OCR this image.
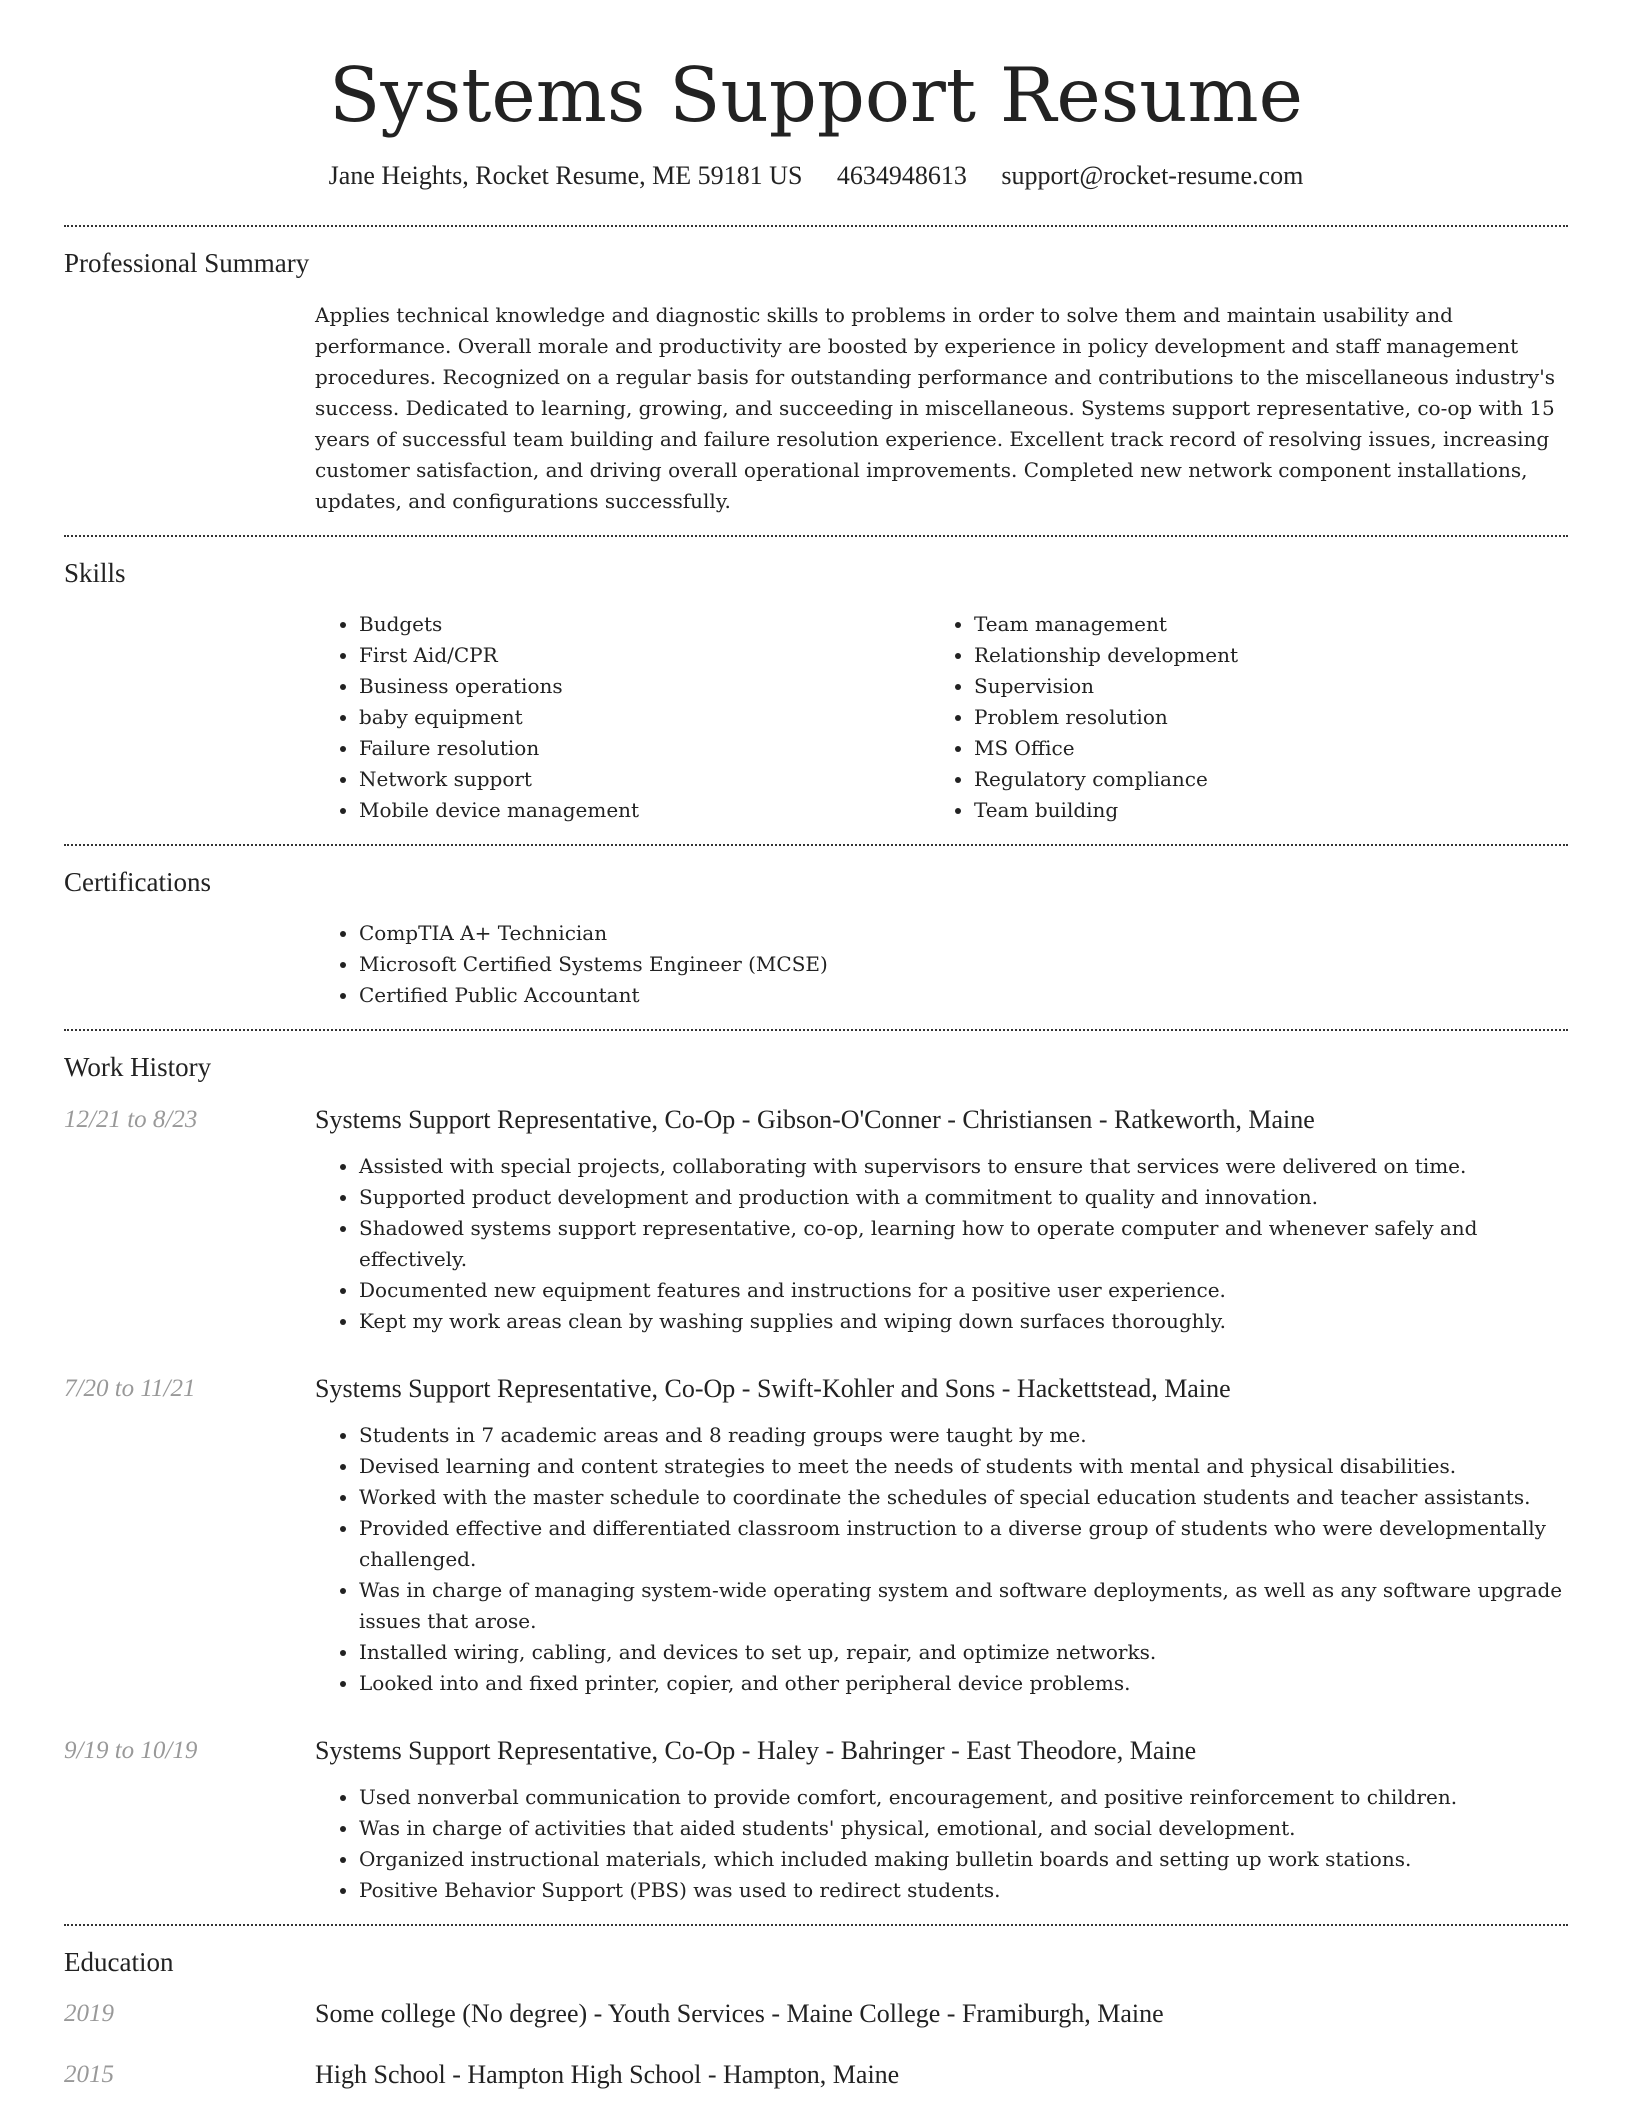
Systems Support Resume
Jane Heights, Rocket Resume, ME 59181 US 4634948613 support@rocket-resume.com
Professional Summary

Applies technical knowledge and diagnostic skills to problems in order to solve them and maintain usability and performance. Overall morale and productivity are boosted by experience in policy development and staff management procedures. Recognized on a regular basis for outstanding performance and contributions to the miscellaneous industry's success. Dedicated to learning, growing, and succeeding in miscellaneous. Systems support representative, co-op with 15 years of successful team building and failure resolution experience. Excellent track record of resolving issues, increasing customer satisfaction, and driving overall operational improvements. Completed new network component installations, updates, and configurations successfully.

Skills
• Budgets
• First Aid/CPR
• Business operations
• baby equipment
• Failure resolution
• Network support
• Mobile device management
• Team management
• Relationship development
• Supervision
• Problem resolution
• MS Office
• Regulatory compliance
• Team building
Certifications
• CompTIA A+ Technician
• Microsoft Certified Systems Engineer (MCSE)
• Certified Public Accountant
Work History
12/21 to 8/23	Systems Support Representative, Co-Op - Gibson-O'Conner - Christiansen - Ratkeworth, Maine
• Assisted with special projects, collaborating with supervisors to ensure that services were delivered on time.
• Supported product development and production with a commitment to quality and innovation.
• Shadowed systems support representative, co-op, learning how to operate computer and whenever safely and effectively.
• Documented new equipment features and instructions for a positive user experience.
• Kept my work areas clean by washing supplies and wiping down surfaces thoroughly.
7/20 to 11/21	Systems Support Representative, Co-Op - Swift-Kohler and Sons - Hackettstead, Maine
• Students in 7 academic areas and 8 reading groups were taught by me.
• Devised learning and content strategies to meet the needs of students with mental and physical disabilities.
• Worked with the master schedule to coordinate the schedules of special education students and teacher assistants.
• Provided effective and differentiated classroom instruction to a diverse group of students who were developmentally challenged.
• Was in charge of managing system-wide operating system and software deployments, as well as any software upgrade issues that arose.
• Installed wiring, cabling, and devices to set up, repair, and optimize networks.
• Looked into and fixed printer, copier, and other peripheral device problems.
9/19 to 10/19	Systems Support Representative, Co-Op - Haley - Bahringer - East Theodore, Maine
• Used nonverbal communication to provide comfort, encouragement, and positive reinforcement to children.
• Was in charge of activities that aided students' physical, emotional, and social development.
• Organized instructional materials, which included making bulletin boards and setting up work stations.
• Positive Behavior Support (PBS) was used to redirect students.
Education
2019	Some college (No degree) - Youth Services - Maine College - Framiburgh, Maine
2015	High School - Hampton High School - Hampton, Maine
